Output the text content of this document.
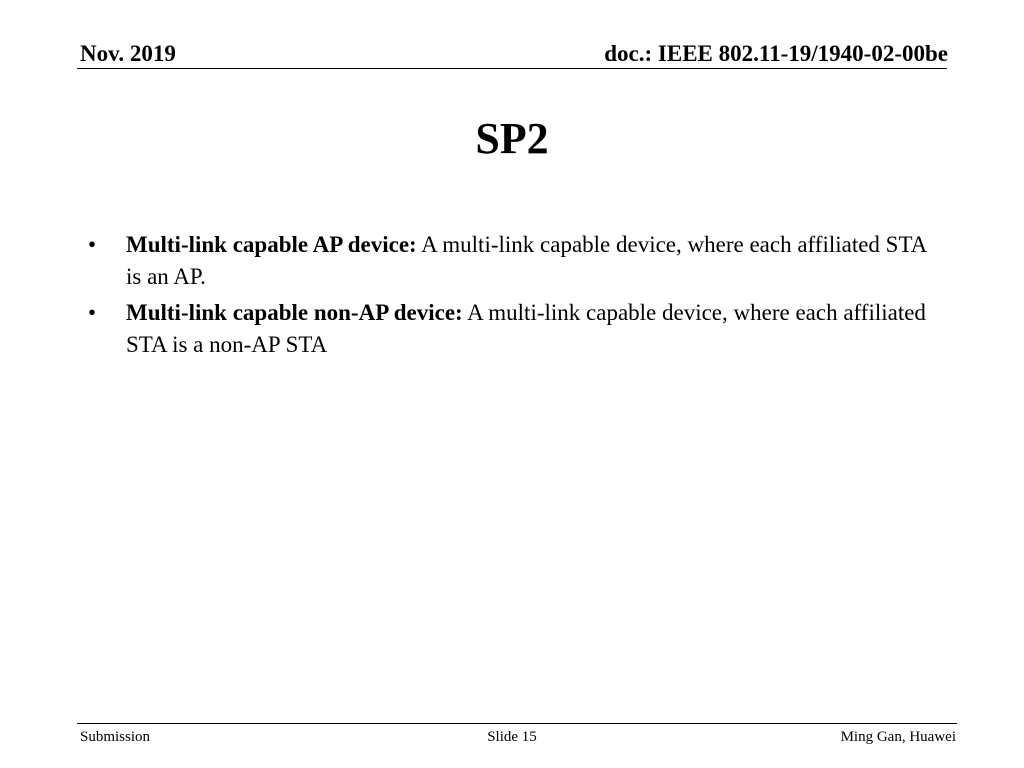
Nov. 2019	doc.: IEEE 802.11-19/1940-02-00be
SP2
•	Multi-link capable AP device: A multi-link capable device, where each affiliated STA is an AP.
•	Multi-link capable non-AP device: A multi-link capable device, where each affiliated STA is a non-AP STA
Submission	Slide 15	Ming Gan, Huawei
